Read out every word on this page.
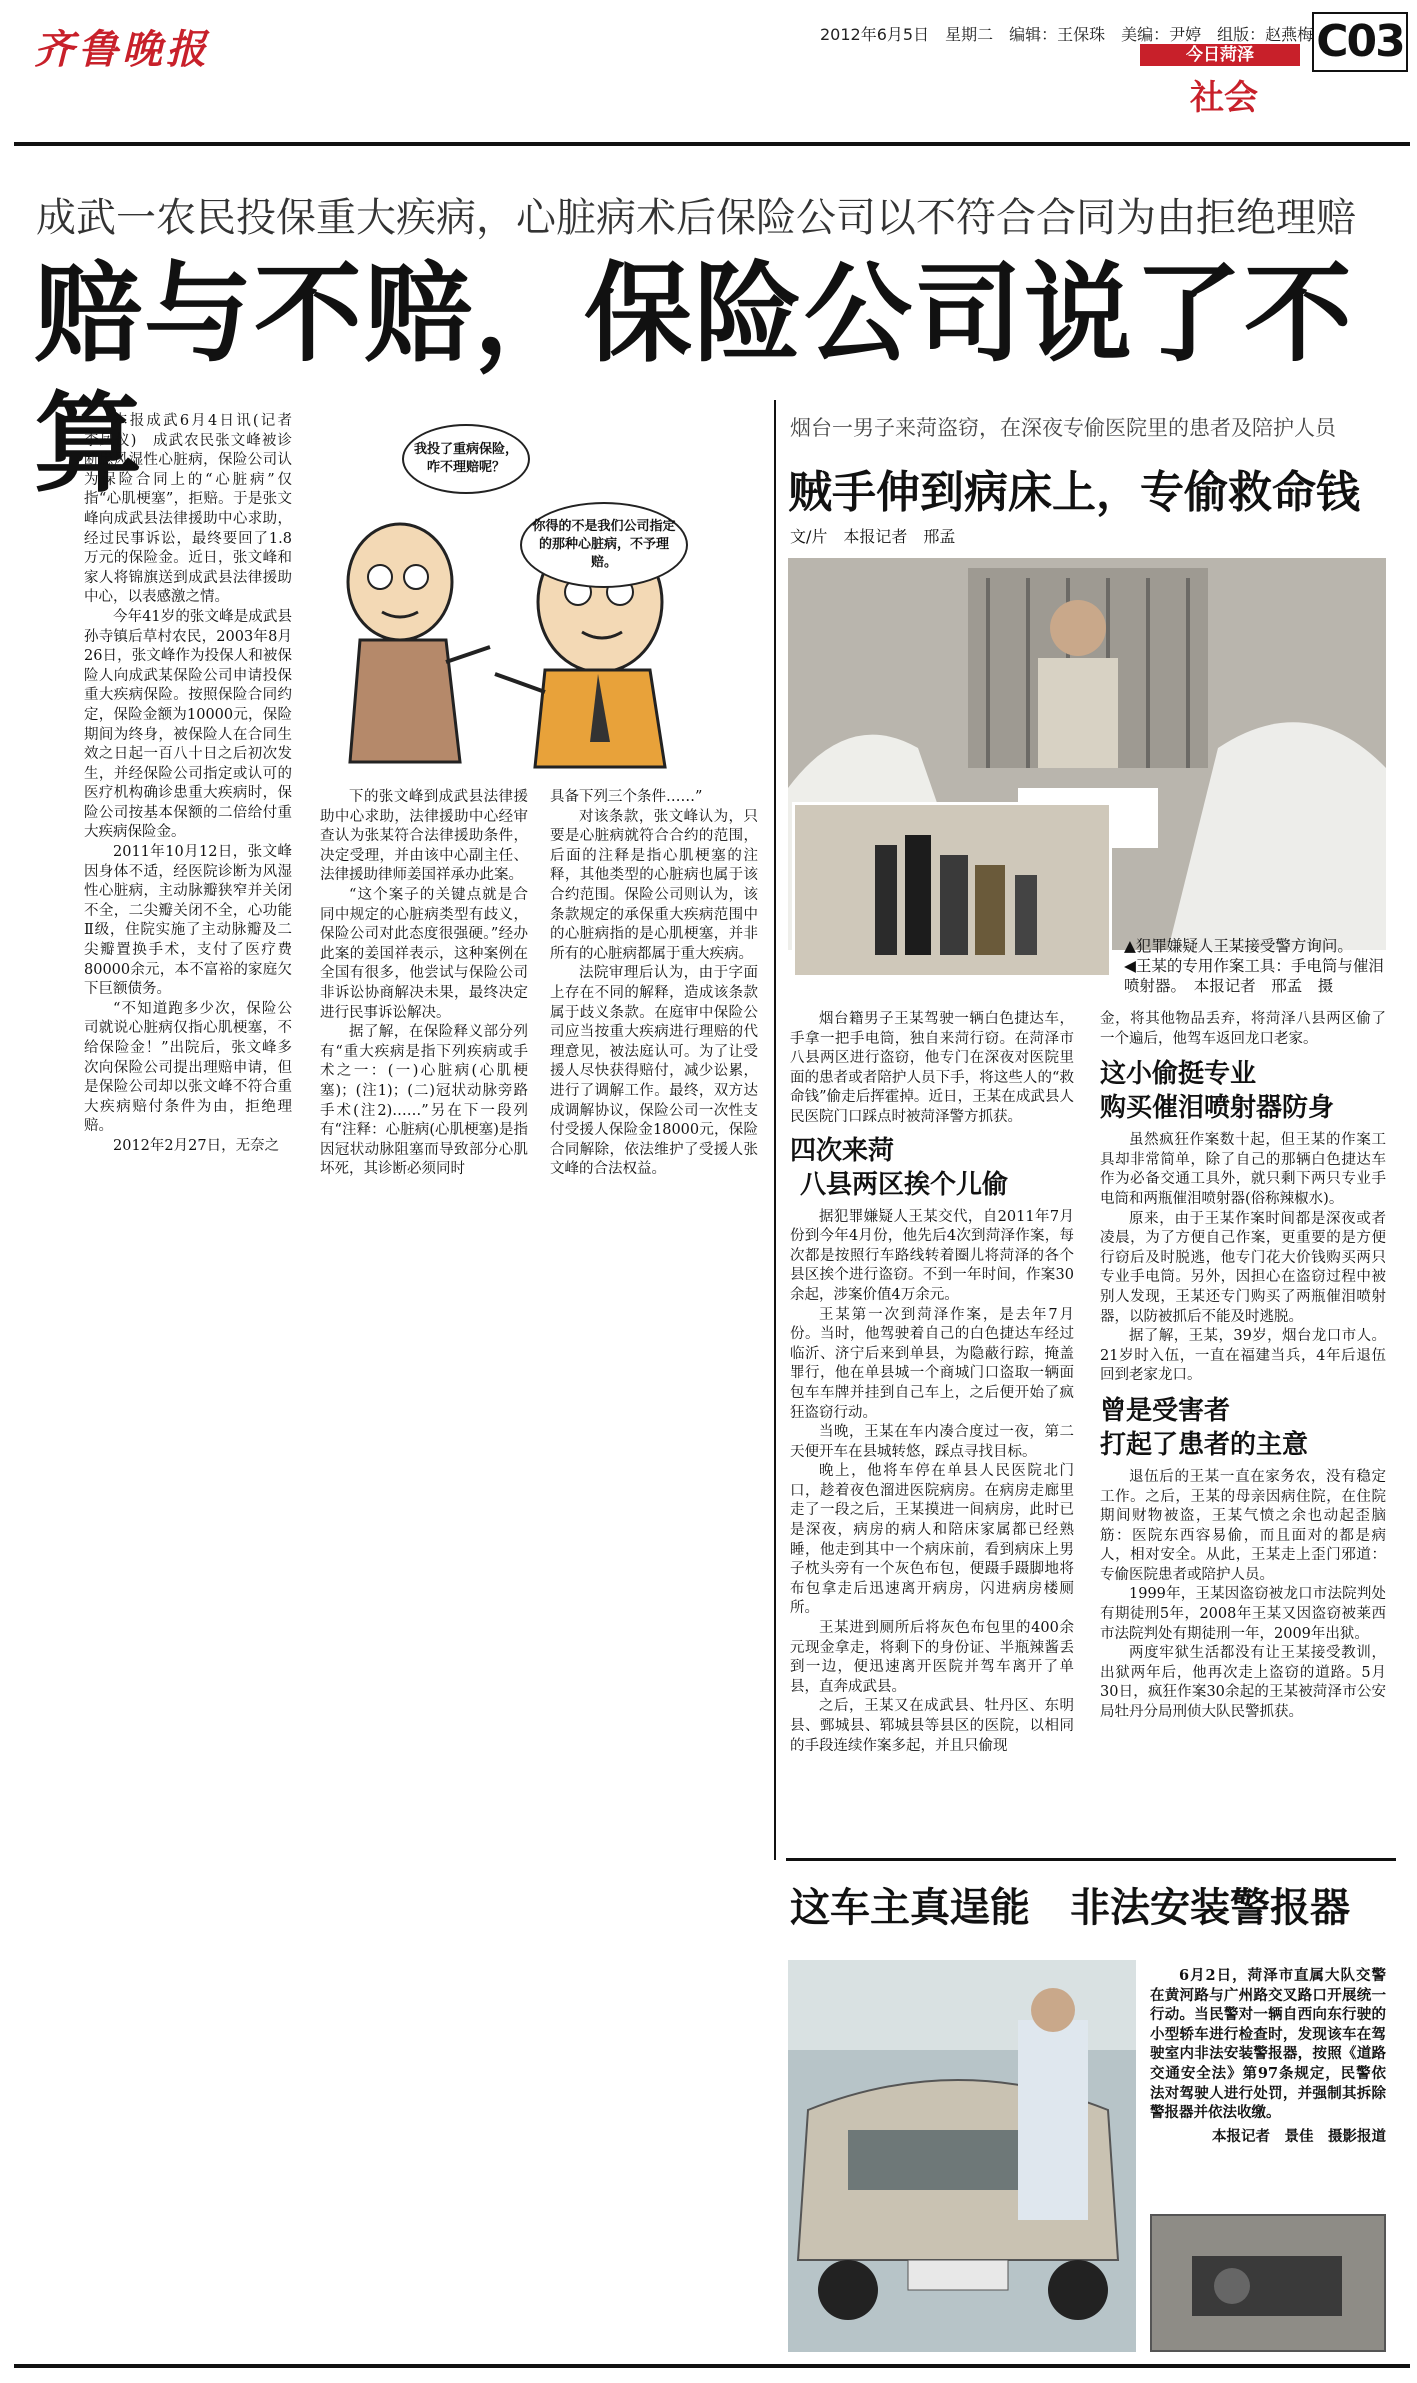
齐鲁晚报	2012年6月5日　星期二　编辑：王保珠　美编：尹婷　组版：赵燕梅
今日菏泽
社会
C03
成武一农民投保重大疾病，心脏病术后保险公司以不符合合同为由拒绝理赔
赔与不赔，保险公司说了不算

本报成武6月4日讯(记者　李凤仪)　成武农民张文峰被诊断患风湿性心脏病，保险公司认为保险合同上的“心脏病”仅指“心肌梗塞”，拒赔。于是张文峰向成武县法律援助中心求助，经过民事诉讼，最终要回了1.8万元的保险金。近日，张文峰和家人将锦旗送到成武县法律援助中心，以表感激之情。

今年41岁的张文峰是成武县孙寺镇后草村农民，2003年8月26日，张文峰作为投保人和被保险人向成武某保险公司申请投保重大疾病保险。按照保险合同约定，保险金额为10000元，保险期间为终身，被保险人在合同生效之日起一百八十日之后初次发生，并经保险公司指定或认可的医疗机构确诊患重大疾病时，保险公司按基本保额的二倍给付重大疾病保险金。

2011年10月12日，张文峰因身体不适，经医院诊断为风湿性心脏病，主动脉瓣狭窄并关闭不全，二尖瓣关闭不全，心功能Ⅱ级，住院实施了主动脉瓣及二尖瓣置换手术，支付了医疗费80000余元，本不富裕的家庭欠下巨额债务。

“不知道跑多少次，保险公司就说心脏病仅指心肌梗塞，不给保险金！”出院后，张文峰多次向保险公司提出理赔申请，但是保险公司却以张文峰不符合重大疾病赔付条件为由，拒绝理赔。

2012年2月27日，无奈之

我投了重病保险，咋不理赔呢？
你得的不是我们公司指定的那种心脏病，不予理赔。

下的张文峰到成武县法律援助中心求助，法律援助中心经审查认为张某符合法律援助条件，决定受理，并由该中心副主任、法律援助律师姜国祥承办此案。

“这个案子的关键点就是合同中规定的心脏病类型有歧义，保险公司对此态度很强硬。”经办此案的姜国祥表示，这种案例在全国有很多，他尝试与保险公司非诉讼协商解决未果，最终决定进行民事诉讼解决。

据了解，在保险释义部分列有“重大疾病是指下列疾病或手术之一：(一)心脏病(心肌梗塞)；(注1)；(二)冠状动脉旁路手术(注2)……”另在下一段列有“注释：心脏病(心肌梗塞)是指因冠状动脉阻塞而导致部分心肌坏死，其诊断必须同时

具备下列三个条件……”

对该条款，张文峰认为，只要是心脏病就符合合约的范围，后面的注释是指心肌梗塞的注释，其他类型的心脏病也属于该合约范围。保险公司则认为，该条款规定的承保重大疾病范围中的心脏病指的是心肌梗塞，并非所有的心脏病都属于重大疾病。

法院审理后认为，由于字面上存在不同的解释，造成该条款属于歧义条款。在庭审中保险公司应当按重大疾病进行理赔的代理意见，被法庭认可。为了让受援人尽快获得赔付，减少讼累，进行了调解工作。最终，双方达成调解协议，保险公司一次性支付受援人保险金18000元，保险合同解除，依法维护了受援人张文峰的合法权益。

烟台一男子来菏盗窃，在深夜专偷医院里的患者及陪护人员
贼手伸到病床上，专偷救命钱
文/片　本报记者　邢孟
▲犯罪嫌疑人王某接受警方询问。
◀王某的专用作案工具：手电筒与催泪喷射器。　本报记者　邢孟　摄

烟台籍男子王某驾驶一辆白色捷达车，手拿一把手电筒，独自来菏行窃。在菏泽市八县两区进行盗窃，他专门在深夜对医院里面的患者或者陪护人员下手，将这些人的“救命钱”偷走后挥霍掉。近日，王某在成武县人民医院门口踩点时被菏泽警方抓获。

四次来菏
八县两区挨个儿偷

据犯罪嫌疑人王某交代，自2011年7月份到今年4月份，他先后4次到菏泽作案，每次都是按照行车路线转着圈儿将菏泽的各个县区挨个进行盗窃。不到一年时间，作案30余起，涉案价值4万余元。

王某第一次到菏泽作案，是去年7月份。当时，他驾驶着自己的白色捷达车经过临沂、济宁后来到单县，为隐蔽行踪，掩盖罪行，他在单县城一个商城门口盗取一辆面包车车牌并挂到自己车上，之后便开始了疯狂盗窃行动。

当晚，王某在车内凑合度过一夜，第二天便开车在县城转悠，踩点寻找目标。

晚上，他将车停在单县人民医院北门口，趁着夜色溜进医院病房。在病房走廊里走了一段之后，王某摸进一间病房，此时已是深夜，病房的病人和陪床家属都已经熟睡，他走到其中一个病床前，看到病床上男子枕头旁有一个灰色布包，便蹑手蹑脚地将布包拿走后迅速离开病房，闪进病房楼厕所。

王某进到厕所后将灰色布包里的400余元现金拿走，将剩下的身份证、半瓶辣酱丢到一边，便迅速离开医院并驾车离开了单县，直奔成武县。

之后，王某又在成武县、牡丹区、东明县、鄄城县、郓城县等县区的医院，以相同的手段连续作案多起，并且只偷现

金，将其他物品丢弃，将菏泽八县两区偷了一个遍后，他驾车返回龙口老家。

这小偷挺专业
购买催泪喷射器防身

虽然疯狂作案数十起，但王某的作案工具却非常简单，除了自己的那辆白色捷达车作为必备交通工具外，就只剩下两只专业手电筒和两瓶催泪喷射器(俗称辣椒水)。

原来，由于王某作案时间都是深夜或者凌晨，为了方便自己作案，更重要的是方便行窃后及时脱逃，他专门花大价钱购买两只专业手电筒。另外，因担心在盗窃过程中被别人发现，王某还专门购买了两瓶催泪喷射器，以防被抓后不能及时逃脱。

据了解，王某，39岁，烟台龙口市人。21岁时入伍，一直在福建当兵，4年后退伍回到老家龙口。

曾是受害者
打起了患者的主意

退伍后的王某一直在家务农，没有稳定工作。之后，王某的母亲因病住院，在住院期间财物被盗，王某气愤之余也动起歪脑筋：医院东西容易偷，而且面对的都是病人，相对安全。从此，王某走上歪门邪道：专偷医院患者或陪护人员。

1999年，王某因盗窃被龙口市法院判处有期徒刑5年，2008年王某又因盗窃被莱西市法院判处有期徒刑一年，2009年出狱。

两度牢狱生活都没有让王某接受教训，出狱两年后，他再次走上盗窃的道路。5月30日，疯狂作案30余起的王某被菏泽市公安局牡丹分局刑侦大队民警抓获。

这车主真逞能　非法安装警报器

6月2日，菏泽市直属大队交警在黄河路与广州路交叉路口开展统一行动。当民警对一辆自西向东行驶的小型轿车进行检查时，发现该车在驾驶室内非法安装警报器，按照《道路交通安全法》第97条规定，民警依法对驾驶人进行处罚，并强制其拆除警报器并依法收缴。

本报记者　景佳　摄影报道
